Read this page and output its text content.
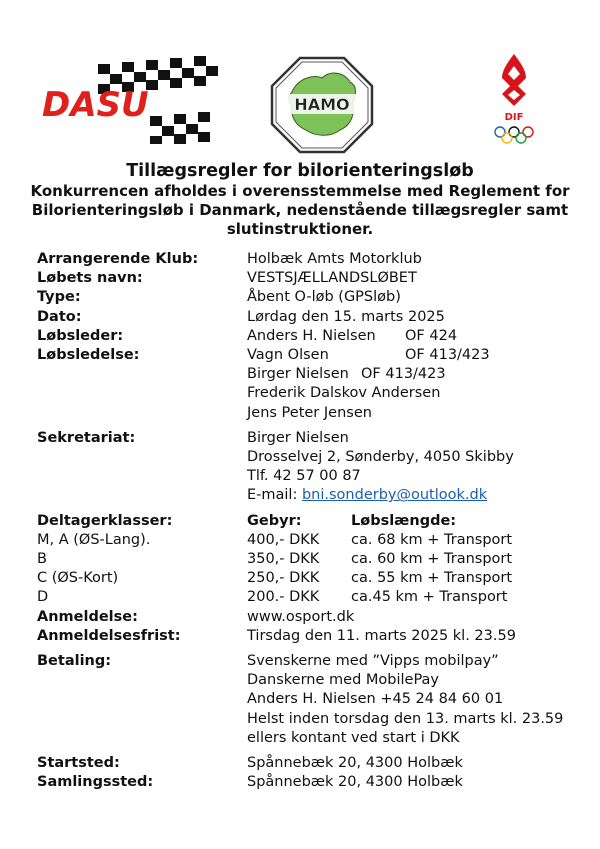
DASU	HAMO
DIF

Tillægsregler for bilorienteringsløb

Konkurrencen afholdes i overensstemmelse med Reglement for

Bilorienteringsløb i Danmark, nedenstående tillægsregler samt

slutinstruktioner.

Arrangerende Klub:	Holbæk Amts Motorklub
Løbets navn:	VESTSJÆLLANDSLØBET
Type:	Åbent O-løb (GPSløb)
Dato:	Lørdag den 15. marts 2025
Løbsleder:	Anders H. Nielsen OF 424
Løbsledelse:	Vagn Olsen	OF 413/423
Birger Nielsen OF 413/423
Frederik Dalskov Andersen
Jens Peter Jensen
Sekretariat:	Birger Nielsen
Drosselvej 2, Sønderby, 4050 Skibby
Tlf. 42 57 00 87
E-mail: bni.sonderby@outlook.dk
Deltagerklasser:	Gebyr:	Løbslængde:
M, A (ØS-Lang).	400,- DKK ca. 68 km + Transport
B	350,- DKK ca. 60 km + Transport
C (ØS-Kort)	250,- DKK ca. 55 km + Transport
D	200.- DKK ca.45 km + Transport
Anmeldelse:	www.osport.dk
Anmeldelsesfrist:	Tirsdag den 11. marts 2025 kl. 23.59
Betaling:	Svenskerne med ”Vipps mobilpay”
Danskerne med MobilePay
Anders H. Nielsen +45 24 84 60 01
Helst inden torsdag den 13. marts kl. 23.59
ellers kontant ved start i DKK
Startsted:	Spånnebæk 20, 4300 Holbæk
Samlingssted:	Spånnebæk 20, 4300 Holbæk
